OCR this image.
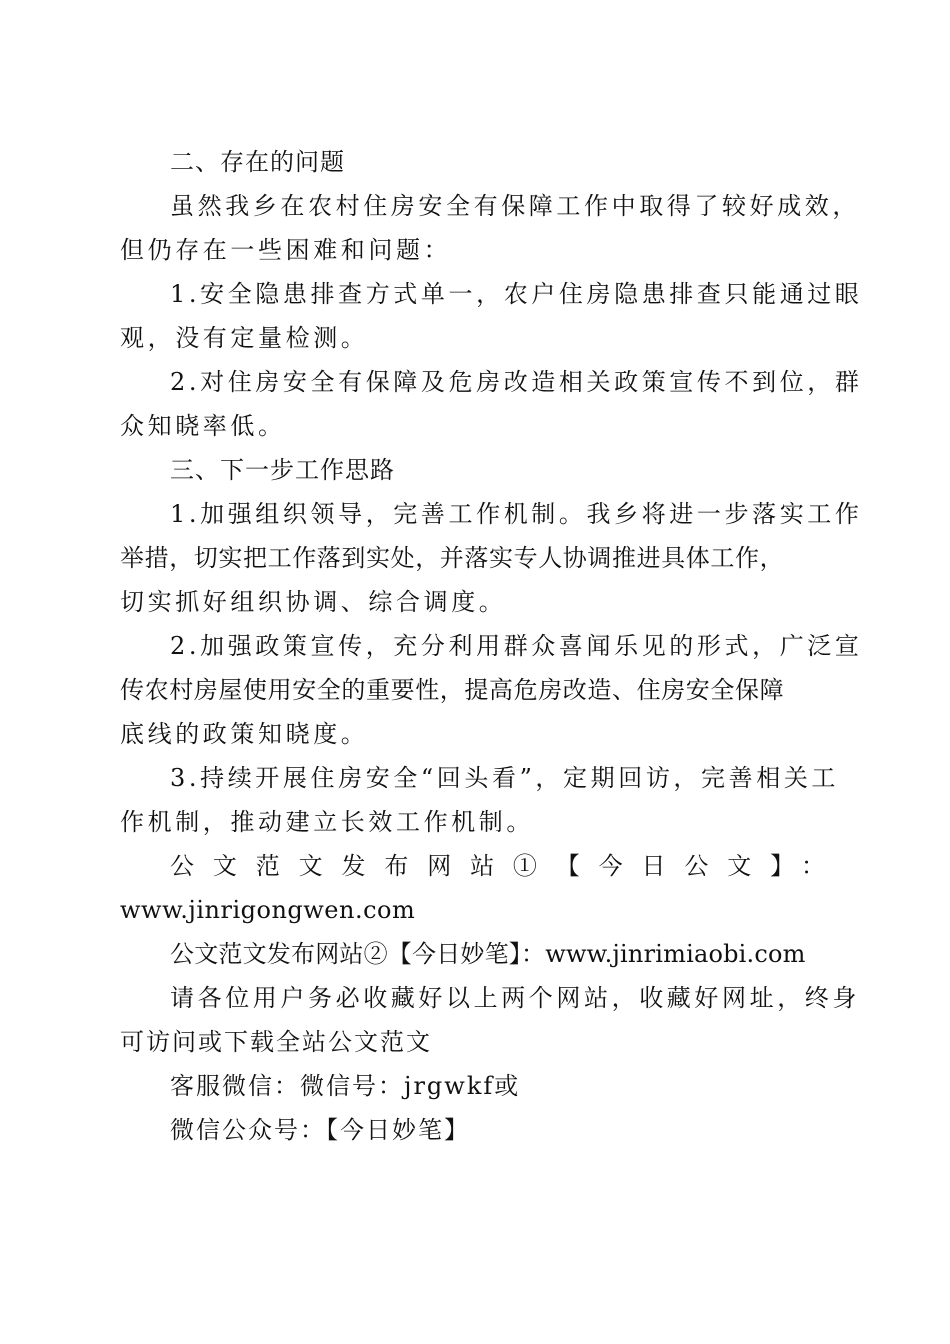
二、存在的问题
虽然我乡在农村住房安全有保障工作中取得了较好成效，
但仍存在一些困难和问题：
1.安全隐患排查方式单一，农户住房隐患排查只能通过眼
观，没有定量检测。
2.对住房安全有保障及危房改造相关政策宣传不到位，群
众知晓率低。
三、下一步工作思路
1.加强组织领导，完善工作机制。我乡将进一步落实工作
举措，切实把工作落到实处，并落实专人协调推进具体工作，
切实抓好组织协调、综合调度。
2.加强政策宣传，充分利用群众喜闻乐见的形式，广泛宣
传农村房屋使用安全的重要性，提高危房改造、住房安全保障
底线的政策知晓度。
3.持续开展住房安全“回头看”，定期回访，完善相关工
作机制，推动建立长效工作机制。
公文范文发布网站①【今日公文】：
www.jinrigongwen.com
公文范文发布网站②【今日妙笔】：www.jinrimiaobi.com
请各位用户务必收藏好以上两个网站，收藏好网址，终身
可访问或下载全站公文范文
客服微信：微信号：jrgwkf或
微信公众号：【今日妙笔】
